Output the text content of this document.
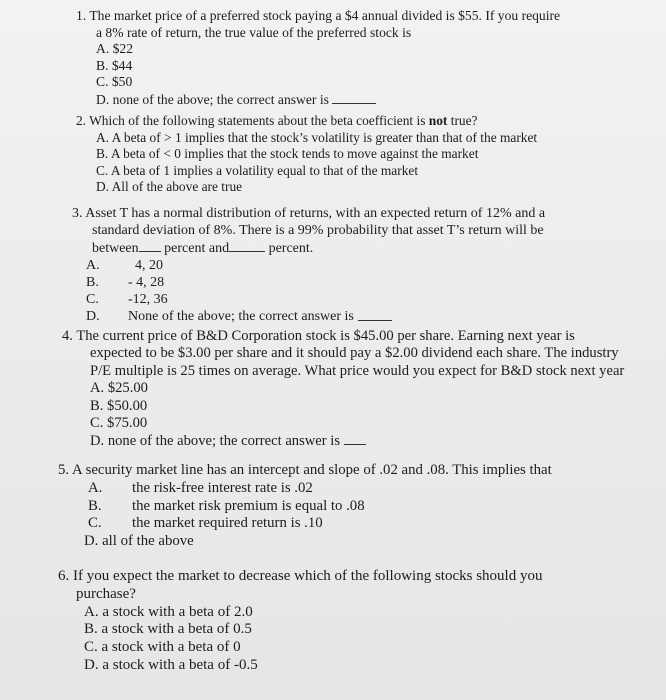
1. The market price of a preferred stock paying a $4 annual divided is $55. If you require
a 8% rate of return, the true value of the preferred stock is
A. $22
B. $44
C. $50
D. none of the above; the correct answer is
2. Which of the following statements about the beta coefficient is not true?
A. A beta of > 1 implies that the stock’s volatility is greater than that of the market
B. A beta of < 0 implies that the stock tends to move against the market
C. A beta of 1 implies a volatility equal to that of the market
D. All of the above are true
3. Asset T has a normal distribution of returns, with an expected return of 12% and a
standard deviation of 8%. There is a 99% probability that asset T’s return will be
between percent and	percent.
A.	4, 20
B.	- 4, 28
C.	-12, 36
D.	None of the above; the correct answer is
4. The current price of B&D Corporation stock is $45.00 per share. Earning next year is
expected to be $3.00 per share and it should pay a $2.00 dividend each share. The industry
P/E multiple is 25 times on average. What price would you expect for B&D stock next year
A. $25.00
B. $50.00
C. $75.00
D. none of the above; the correct answer is
5. A security market line has an intercept and slope of .02 and .08. This implies that
A.	the risk-free interest rate is .02
B.	the market risk premium is equal to .08
C.	the market required return is .10
D. all of the above
6. If you expect the market to decrease which of the following stocks should you
purchase?
A. a stock with a beta of 2.0
B. a stock with a beta of 0.5
C. a stock with a beta of 0
D. a stock with a beta of -0.5
